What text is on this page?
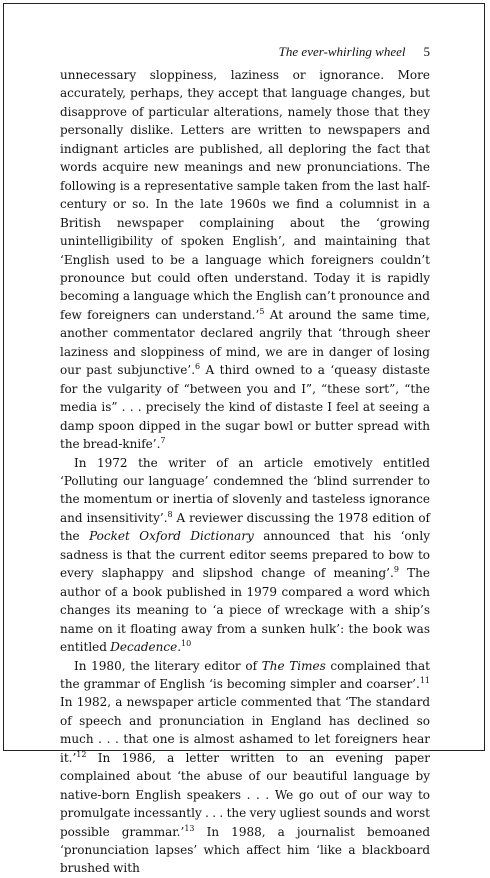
The ever-whirling wheel 5

unnecessary sloppiness, laziness or ignorance. More accurately, perhaps, they accept that language changes, but disapprove of particular alterations, namely those that they personally dislike. Letters are written to newspapers and indignant articles are published, all deploring the fact that words acquire new meanings and new pronunciations. The following is a representative sample taken from the last half-century or so. In the late 1960s we find a columnist in a British newspaper complaining about the ‘growing unintelligibility of spoken English’, and maintaining that ‘English used to be a language which foreigners couldn’t pronounce but could often understand. Today it is rapidly becoming a language which the English can’t pronounce and few foreigners can understand.’$^5$ At around the same time, another commentator declared angrily that ‘through sheer laziness and sloppiness of mind, we are in danger of losing our past subjunctive’.$^6$ A third owned to a ‘queasy distaste for the vulgarity of “between you and I”, “these sort”, “the media is” . . . precisely the kind of distaste I feel at seeing a damp spoon dipped in the sugar bowl or butter spread with the bread-knife’.$^7$

In 1972 the writer of an article emotively entitled ‘Polluting our language’ condemned the ‘blind surrender to the momentum or inertia of slovenly and tasteless ignorance and insensitivity’.$^8$ A reviewer discussing the 1978 edition of the Pocket Oxford Dictionary announced that his ‘only sadness is that the current editor seems prepared to bow to every slaphappy and slipshod change of meaning’.$^9$ The author of a book published in 1979 compared a word which changes its meaning to ‘a piece of wreckage with a ship’s name on it floating away from a sunken hulk’: the book was entitled Decadence.$^{10}$

In 1980, the literary editor of The Times complained that the grammar of English ‘is becoming simpler and coarser’.$^{11}$ In 1982, a newspaper article commented that ‘The standard of speech and pronunciation in England has declined so much . . . that one is almost ashamed to let foreigners hear it.’$^{12}$ In 1986, a letter written to an evening paper complained about ‘the abuse of our beautiful language by native-born English speakers . . . We go out of our way to promulgate incessantly . . . the very ugliest sounds and worst possible grammar.’$^{13}$ In 1988, a journalist bemoaned ‘pronunciation lapses’ which affect him ‘like a blackboard brushed with
